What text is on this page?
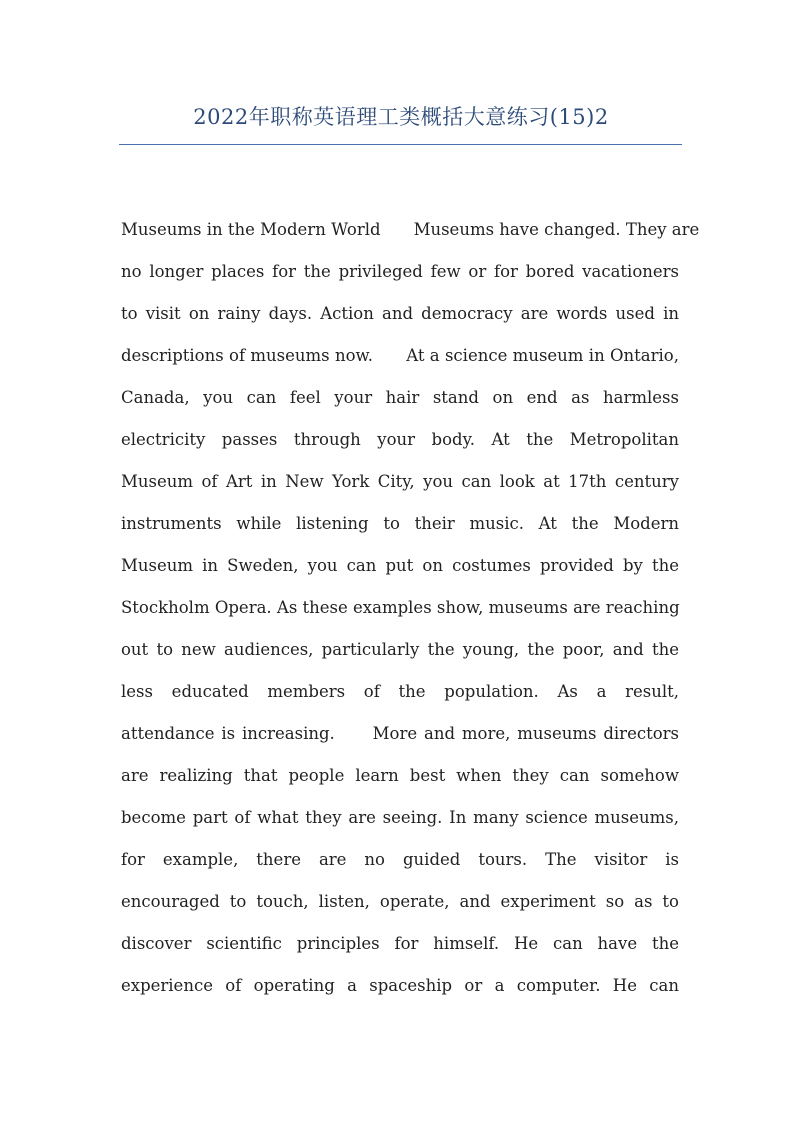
2022年职称英语理工类概括大意练习(15)2
Museums in the Modern World　　Museums have changed. They are
no longer places for the privileged few or for bored vacationers
to visit on rainy days. Action and democracy are words used in
descriptions of museums now.　　At a science museum in Ontario,
Canada, you can feel your hair stand on end as harmless
electricity passes through your body. At the Metropolitan
Museum of Art in New York City, you can look at 17th century
instruments while listening to their music. At the Modern
Museum in Sweden, you can put on costumes provided by the
Stockholm Opera. As these examples show, museums are reaching
out to new audiences, particularly the young, the poor, and the
less educated members of the population. As a result,
attendance is increasing.　　More and more, museums directors
are realizing that people learn best when they can somehow
become part of what they are seeing. In many science museums,
for example, there are no guided tours. The visitor is
encouraged to touch, listen, operate, and experiment so as to
discover scientific principles for himself. He can have the
experience of operating a spaceship or a computer. He can
